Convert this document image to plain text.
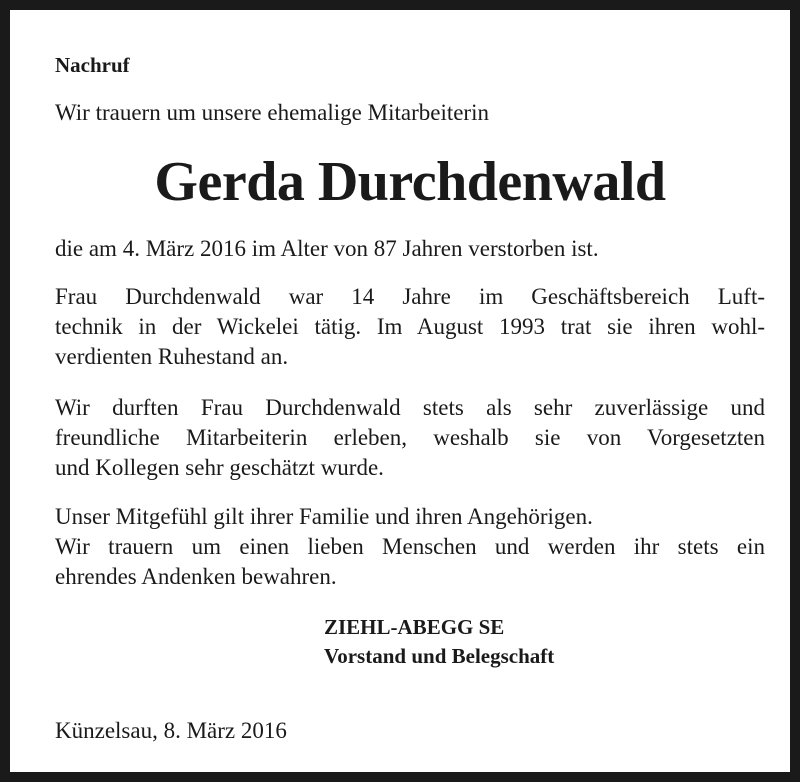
Nachruf
Wir trauern um unsere ehemalige Mitarbeiterin
Gerda Durchdenwald
die am 4. März 2016 im Alter von 87 Jahren verstorben ist.
Frau Durchdenwald war 14 Jahre im Geschäftsbereich Luft-
technik in der Wickelei tätig. Im August 1993 trat sie ihren wohl-
verdienten Ruhestand an.
Wir durften Frau Durchdenwald stets als sehr zuverlässige und
freundliche Mitarbeiterin erleben, weshalb sie von Vorgesetzten
und Kollegen sehr geschätzt wurde.
Unser Mitgefühl gilt ihrer Familie und ihren Angehörigen.
Wir trauern um einen lieben Menschen und werden ihr stets ein
ehrendes Andenken bewahren.
ZIEHL-ABEGG SE
Vorstand und Belegschaft
Künzelsau, 8. März 2016
